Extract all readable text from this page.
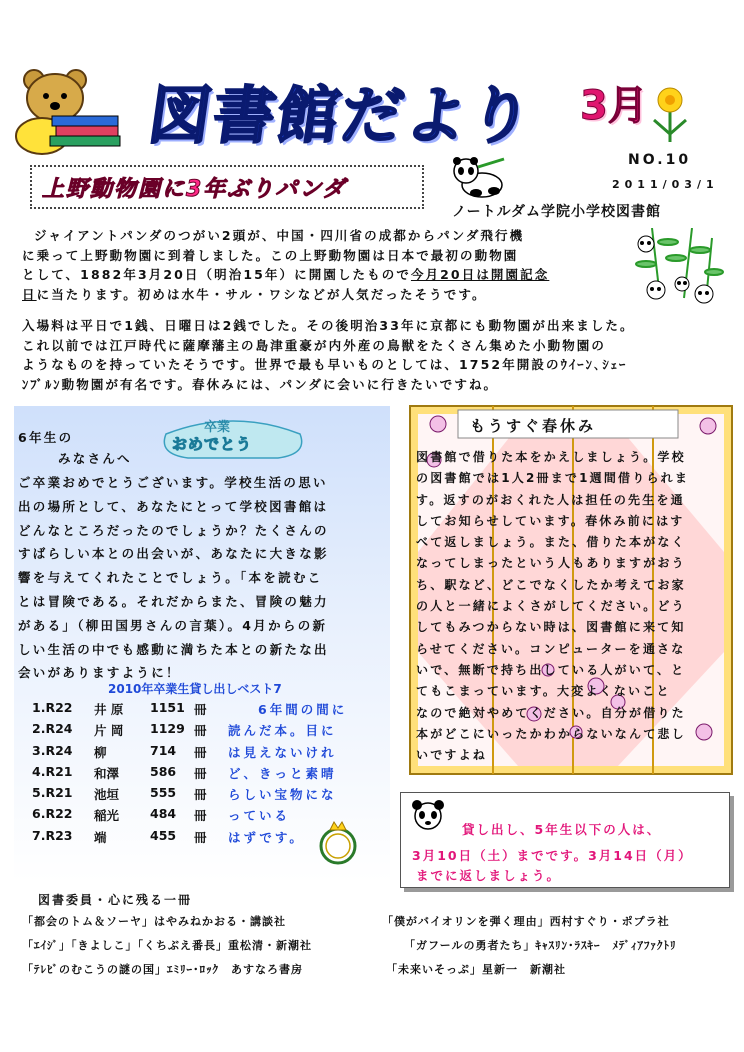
図書館だより	3月
NO.10
2011/03/1
ノートルダム学院小学校図書館
上野動物園に3年ぶりパンダ
ジャイアントパンダのつがい2頭が、中国・四川省の成都からパンダ飛行機
に乗って上野動物園に到着しました。この上野動物園は日本で最初の動物園
として、1882年3月20日（明治15年）に開園したもので今月20日は開園記念
日に当たります。初めは水牛・サル・ワシなどが人気だったそうです。
入場料は平日で1銭、日曜日は2銭でした。その後明治33年に京都にも動物園が出来ました。
これ以前では江戸時代に薩摩藩主の島津重豪が内外産の鳥獣をたくさん集めた小動物園の
ようなものを持っていたそうです。世界で最も早いものとしては、1752年開設のｳｲｰﾝ､ｼｪｰ
ﾝﾌﾞﾙﾝ動物園が有名です。春休みには、パンダに会いに行きたいですね。
卒業
おめでとう
6年生の
みなさんへ
ご卒業おめでとうございます。学校生活の思い
出の場所として、あなたにとって学校図書館は
どんなところだったのでしょうか？たくさんの
すばらしい本との出会いが、あなたに大きな影
響を与えてくれたことでしょう。「本を読むこ
とは冒険である。それだからまた、冒険の魅力
がある」（柳田国男さんの言葉）。4月からの新
しい生活の中でも感動に満ちた本との新たな出
会いがありますように！
2010年卒業生貸し出しベスト7
1.R22 井 原 1151 冊	6年間の間に
2.R24 片 岡 1129 冊 読んだ本。目に
3.R24 柳	714 冊 は見えないけれ
4.R21 和澤 586 冊 ど、きっと素晴
5.R21 池垣 555 冊 らしい宝物にな
6.R22 稲光 484 冊 っている
7.R23 端	455 冊 はずです。
もうすぐ春休み
図書館で借りた本をかえしましょう。学校
の図書館では1人2冊まで1週間借りられま
す。返すのがおくれた人は担任の先生を通
してお知らせしています。春休み前にはす
べて返しましょう。また、借りた本がなく
なってしまったという人もありますがおう
ち、駅など、どこでなくしたか考えてお家
の人と一緒によくさがしてください。どう
してもみつからない時は、図書館に来て知
らせてください。コンピューターを通さな
いで、無断で持ち出している人がいて、と
てもこまっています。大変よくないこと
なので絶対やめてください。自分が借りた
本がどこにいったかわからないなんて悲し
いですよね
貸し出し、5年生以下の人は、
3月10日（土）までです。3月14日（月）
までに返しましょう。
図書委員・心に残る一冊
「都会のトム＆ソーヤ」はやみねかおる・講談社	「僕がバイオリンを弾く理由」西村すぐり・ポプラ社
「ｴｲｼﾞ」「きよしこ」「くちぶえ番長」重松清・新潮社	「ガフールの勇者たち」ｷｬｽﾘﾝ･ﾗｽｷｰ　ﾒﾃﾞｨｱﾌｧｸﾄﾘ
「ﾃﾚﾋﾞのむこうの謎の国」ｴﾐﾘｰ･ﾛｯｸ　あすなろ書房	「未来いそっぷ」星新一　新潮社
